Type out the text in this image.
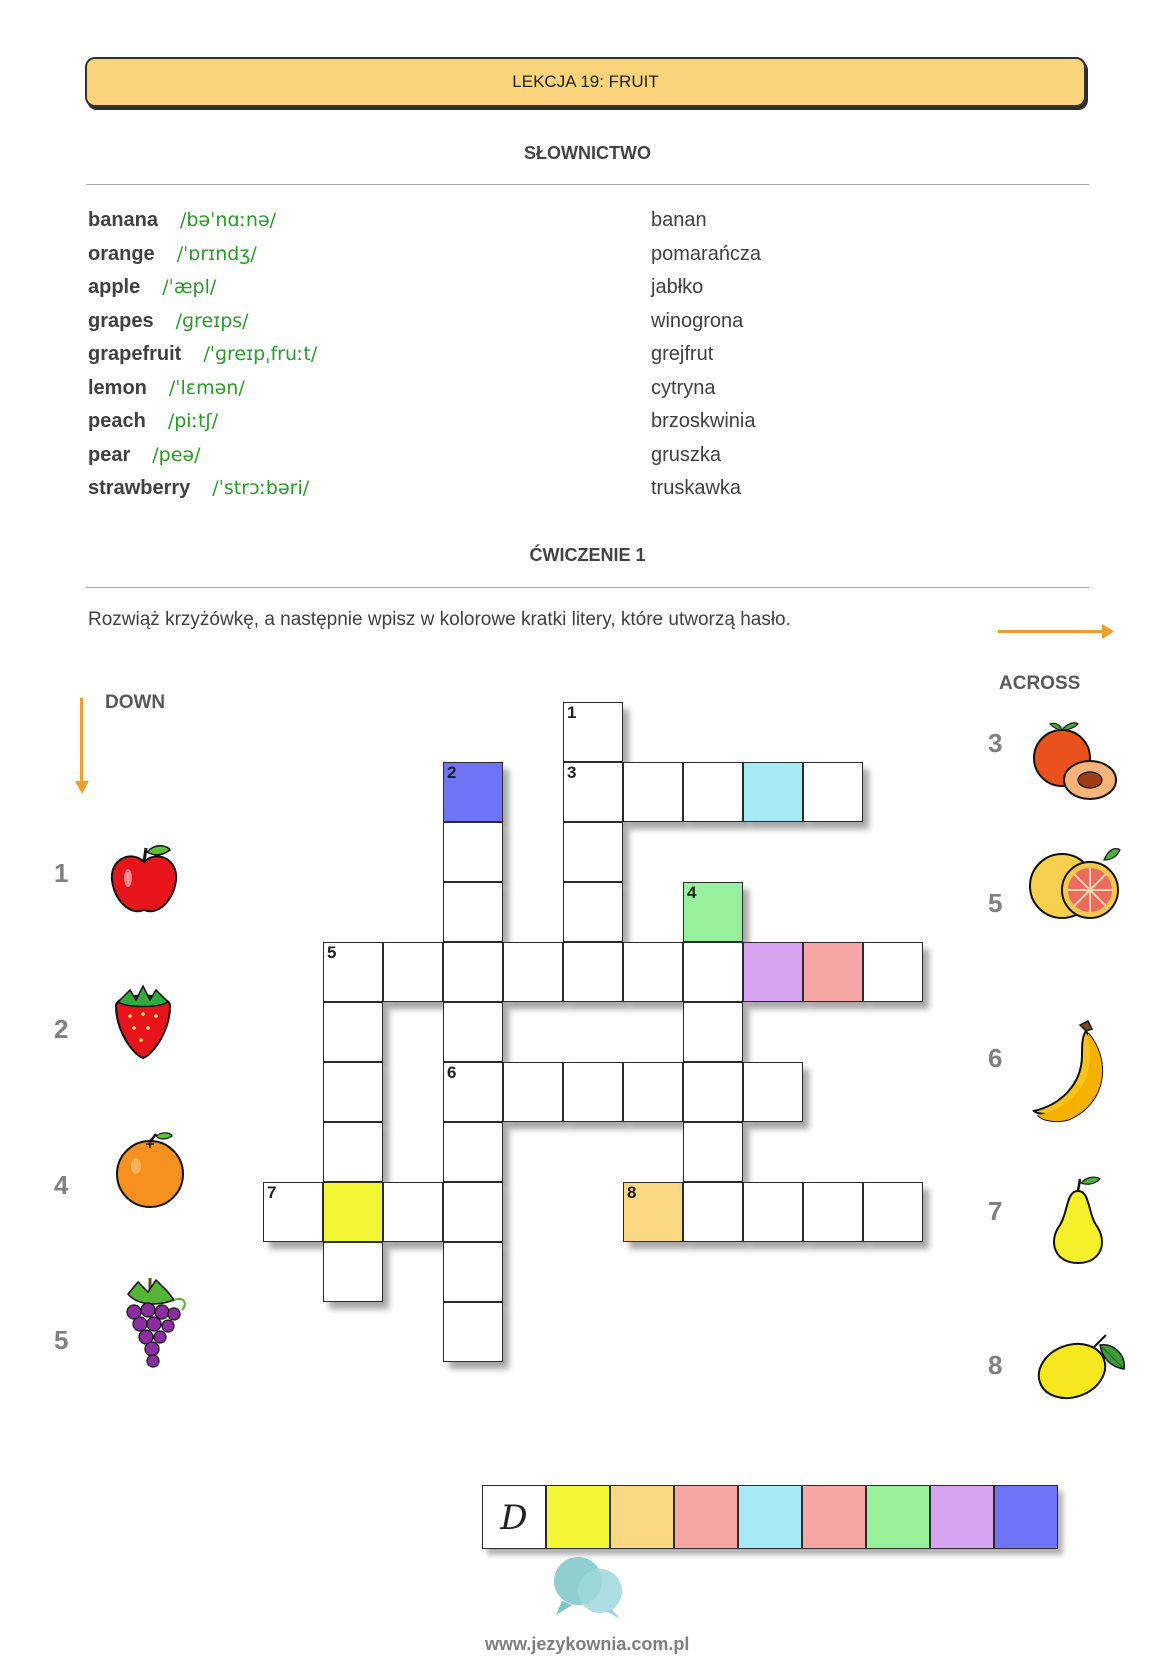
LEKCJA 19: FRUIT
SŁOWNICTWO
banana /bəˈnɑːnə/	banan
orange /ˈɒrɪndʒ/	pomarańcza
apple /ˈæpl/	jabłko
grapes /ɡreɪps/	winogrona
grapefruit /ˈɡreɪpˌfruːt/	grejfrut
lemon /ˈlɛmən/	cytryna
peach /piːtʃ/	brzoskwinia
pear /peə/	gruszka
strawberry /ˈstrɔːbəri/	truskawka
ĆWICZENIE 1
Rozwiąż krzyżówkę, a następnie wpisz w kolorowe kratki litery, które utworzą hasło.
ACROSS
DOWN
1
2
4
5
3
5
6
7
8
1
2	3
4
5
6
7	8
D
www.jezykownia.com.pl
